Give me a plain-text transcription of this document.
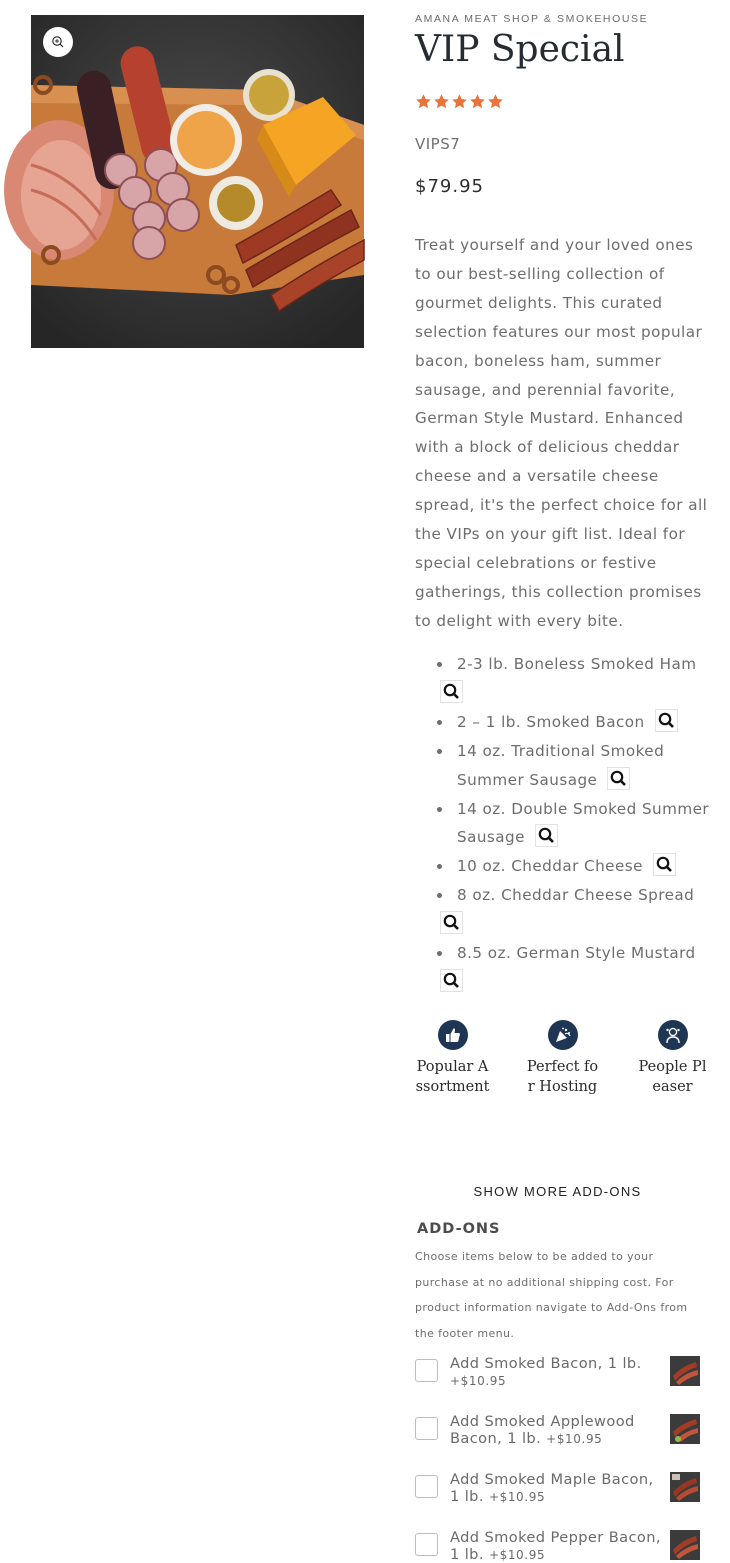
AMANA MEAT SHOP & SMOKEHOUSE
VIP Special
VIPS7
$79.95

Treat yourself and your loved ones to our best-selling collection of gourmet delights. This curated selection features our most popular bacon, boneless ham, summer sausage, and perennial favorite, German Style Mustard. Enhanced with a block of delicious cheddar cheese and a versatile cheese spread, it's the perfect choice for all the VIPs on your gift list. Ideal for special celebrations or festive gatherings, this collection promises to delight with every bite.

2-3 lb. Boneless Smoked Ham

2 – 1 lb. Smoked Bacon
14 oz. Traditional Smoked Summer Sausage
14 oz. Double Smoked Summer Sausage
10 oz. Cheddar Cheese
8 oz. Cheddar Cheese Spread

8.5 oz. German Style Mustard

Popular Assortment
Perfect for Hosting
People Pleaser
SHOW MORE ADD-ONS
ADD-ONS

Choose items below to be added to your purchase at no additional shipping cost. For product information navigate to Add-Ons from the footer menu.

Add Smoked Bacon, 1 lb. +$10.95
Add Smoked Applewood Bacon, 1 lb. +$10.95
Add Smoked Maple Bacon, 1 lb. +$10.95
Add Smoked Pepper Bacon, 1 lb. +$10.95
